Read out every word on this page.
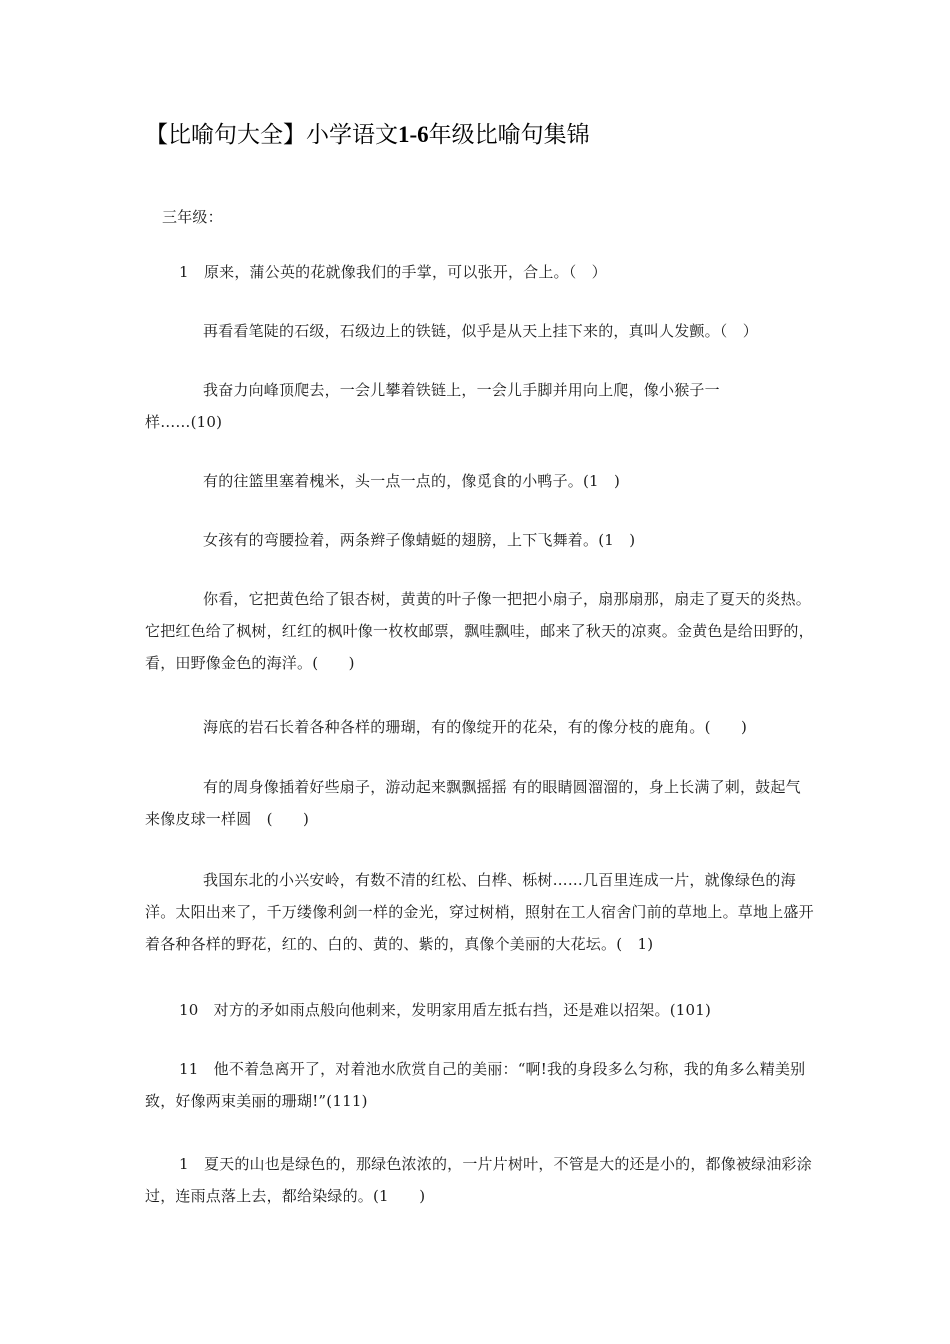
【比喻句大全】小学语文1-6年级比喻句集锦
三年级：
1　原来，蒲公英的花就像我们的手掌，可以张开，合上。（　）
再看看笔陡的石级，石级边上的铁链，似乎是从天上挂下来的，真叫人发颤。（　）
我奋力向峰顶爬去，一会儿攀着铁链上，一会儿手脚并用向上爬，像小猴子一
样……(10)
有的往篮里塞着槐米，头一点一点的，像觅食的小鸭子。(1　)
女孩有的弯腰捡着，两条辫子像蜻蜓的翅膀，上下飞舞着。(1　)
你看，它把黄色给了银杏树，黄黄的叶子像一把把小扇子，扇那扇那，扇走了夏天的炎热。它把红色给了枫树，红红的枫叶像一枚枚邮票，飘哇飘哇，邮来了秋天的凉爽。金黄色是给田野的，看，田野像金色的海洋。(　　)
海底的岩石长着各种各样的珊瑚，有的像绽开的花朵，有的像分枝的鹿角。(　　)
有的周身像插着好些扇子，游动起来飘飘摇摇 有的眼睛圆溜溜的，身上长满了刺，鼓起气来像皮球一样圆　(　　)
我国东北的小兴安岭，有数不清的红松、白桦、栎树……几百里连成一片，就像绿色的海洋。太阳出来了，千万缕像利剑一样的金光，穿过树梢，照射在工人宿舍门前的草地上。草地上盛开着各种各样的野花，红的、白的、黄的、紫的，真像个美丽的大花坛。(　1)
10　对方的矛如雨点般向他刺来，发明家用盾左抵右挡，还是难以招架。(101)
11　他不着急离开了，对着池水欣赏自己的美丽：“啊!我的身段多么匀称，我的角多么精美别致，好像两束美丽的珊瑚!”(111)
1　夏天的山也是绿色的，那绿色浓浓的，一片片树叶，不管是大的还是小的，都像被绿油彩涂过，连雨点落上去，都给染绿的。(1　　)
